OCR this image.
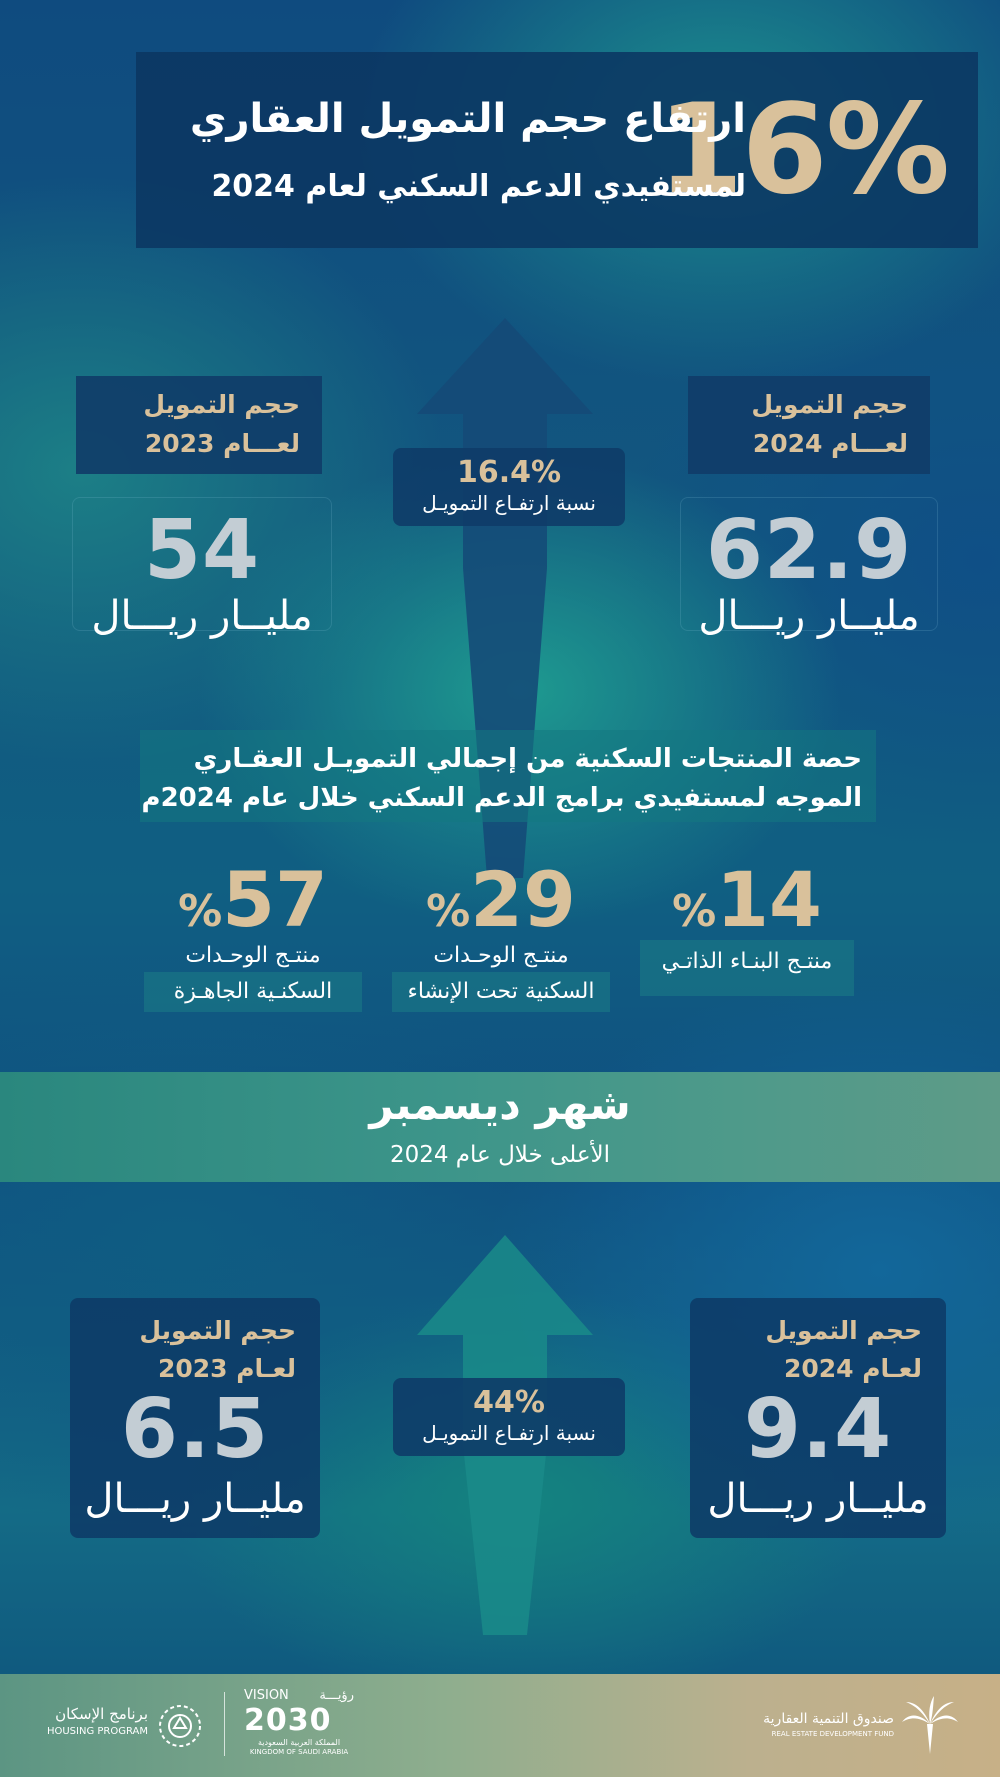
16%
ارتفاع حجم التمويل العقاري
لمستفيدي الدعم السكني لعام 2024
حجم التمويل
لعـــام 2023
54
مليــار ريـــال
حجم التمويل
لعـــام 2024
62.9
مليــار ريـــال
16.4%
نسبة ارتفـاع التمويـل
حصة المنتجات السكنية من إجمالي التمويـل العقـاري
الموجه لمستفيدي برامج الدعم السكني خلال عام 2024م
%14
منتـج البنـاء الذاتـي
%29
منتـج الوحـدات
السكنية تحت الإنشاء
%57
منتـج الوحـدات
السكنـية الجاهـزة
شهر ديسمبر
الأعلى خلال عام 2024
حجم التمويل
لعـام 2023
6.5
مليــار ريـــال
حجم التمويل
لعـام 2024
9.4
مليــار ريـــال
44%
نسبة ارتفـاع التمويـل
برنامج الإسكان
HOUSING PROGRAM
VISION رؤيـــة
2030
المملكة العربية السعودية
KINGDOM OF SAUDI ARABIA
صندوق التنمية العقارية
REAL ESTATE DEVELOPMENT FUND
